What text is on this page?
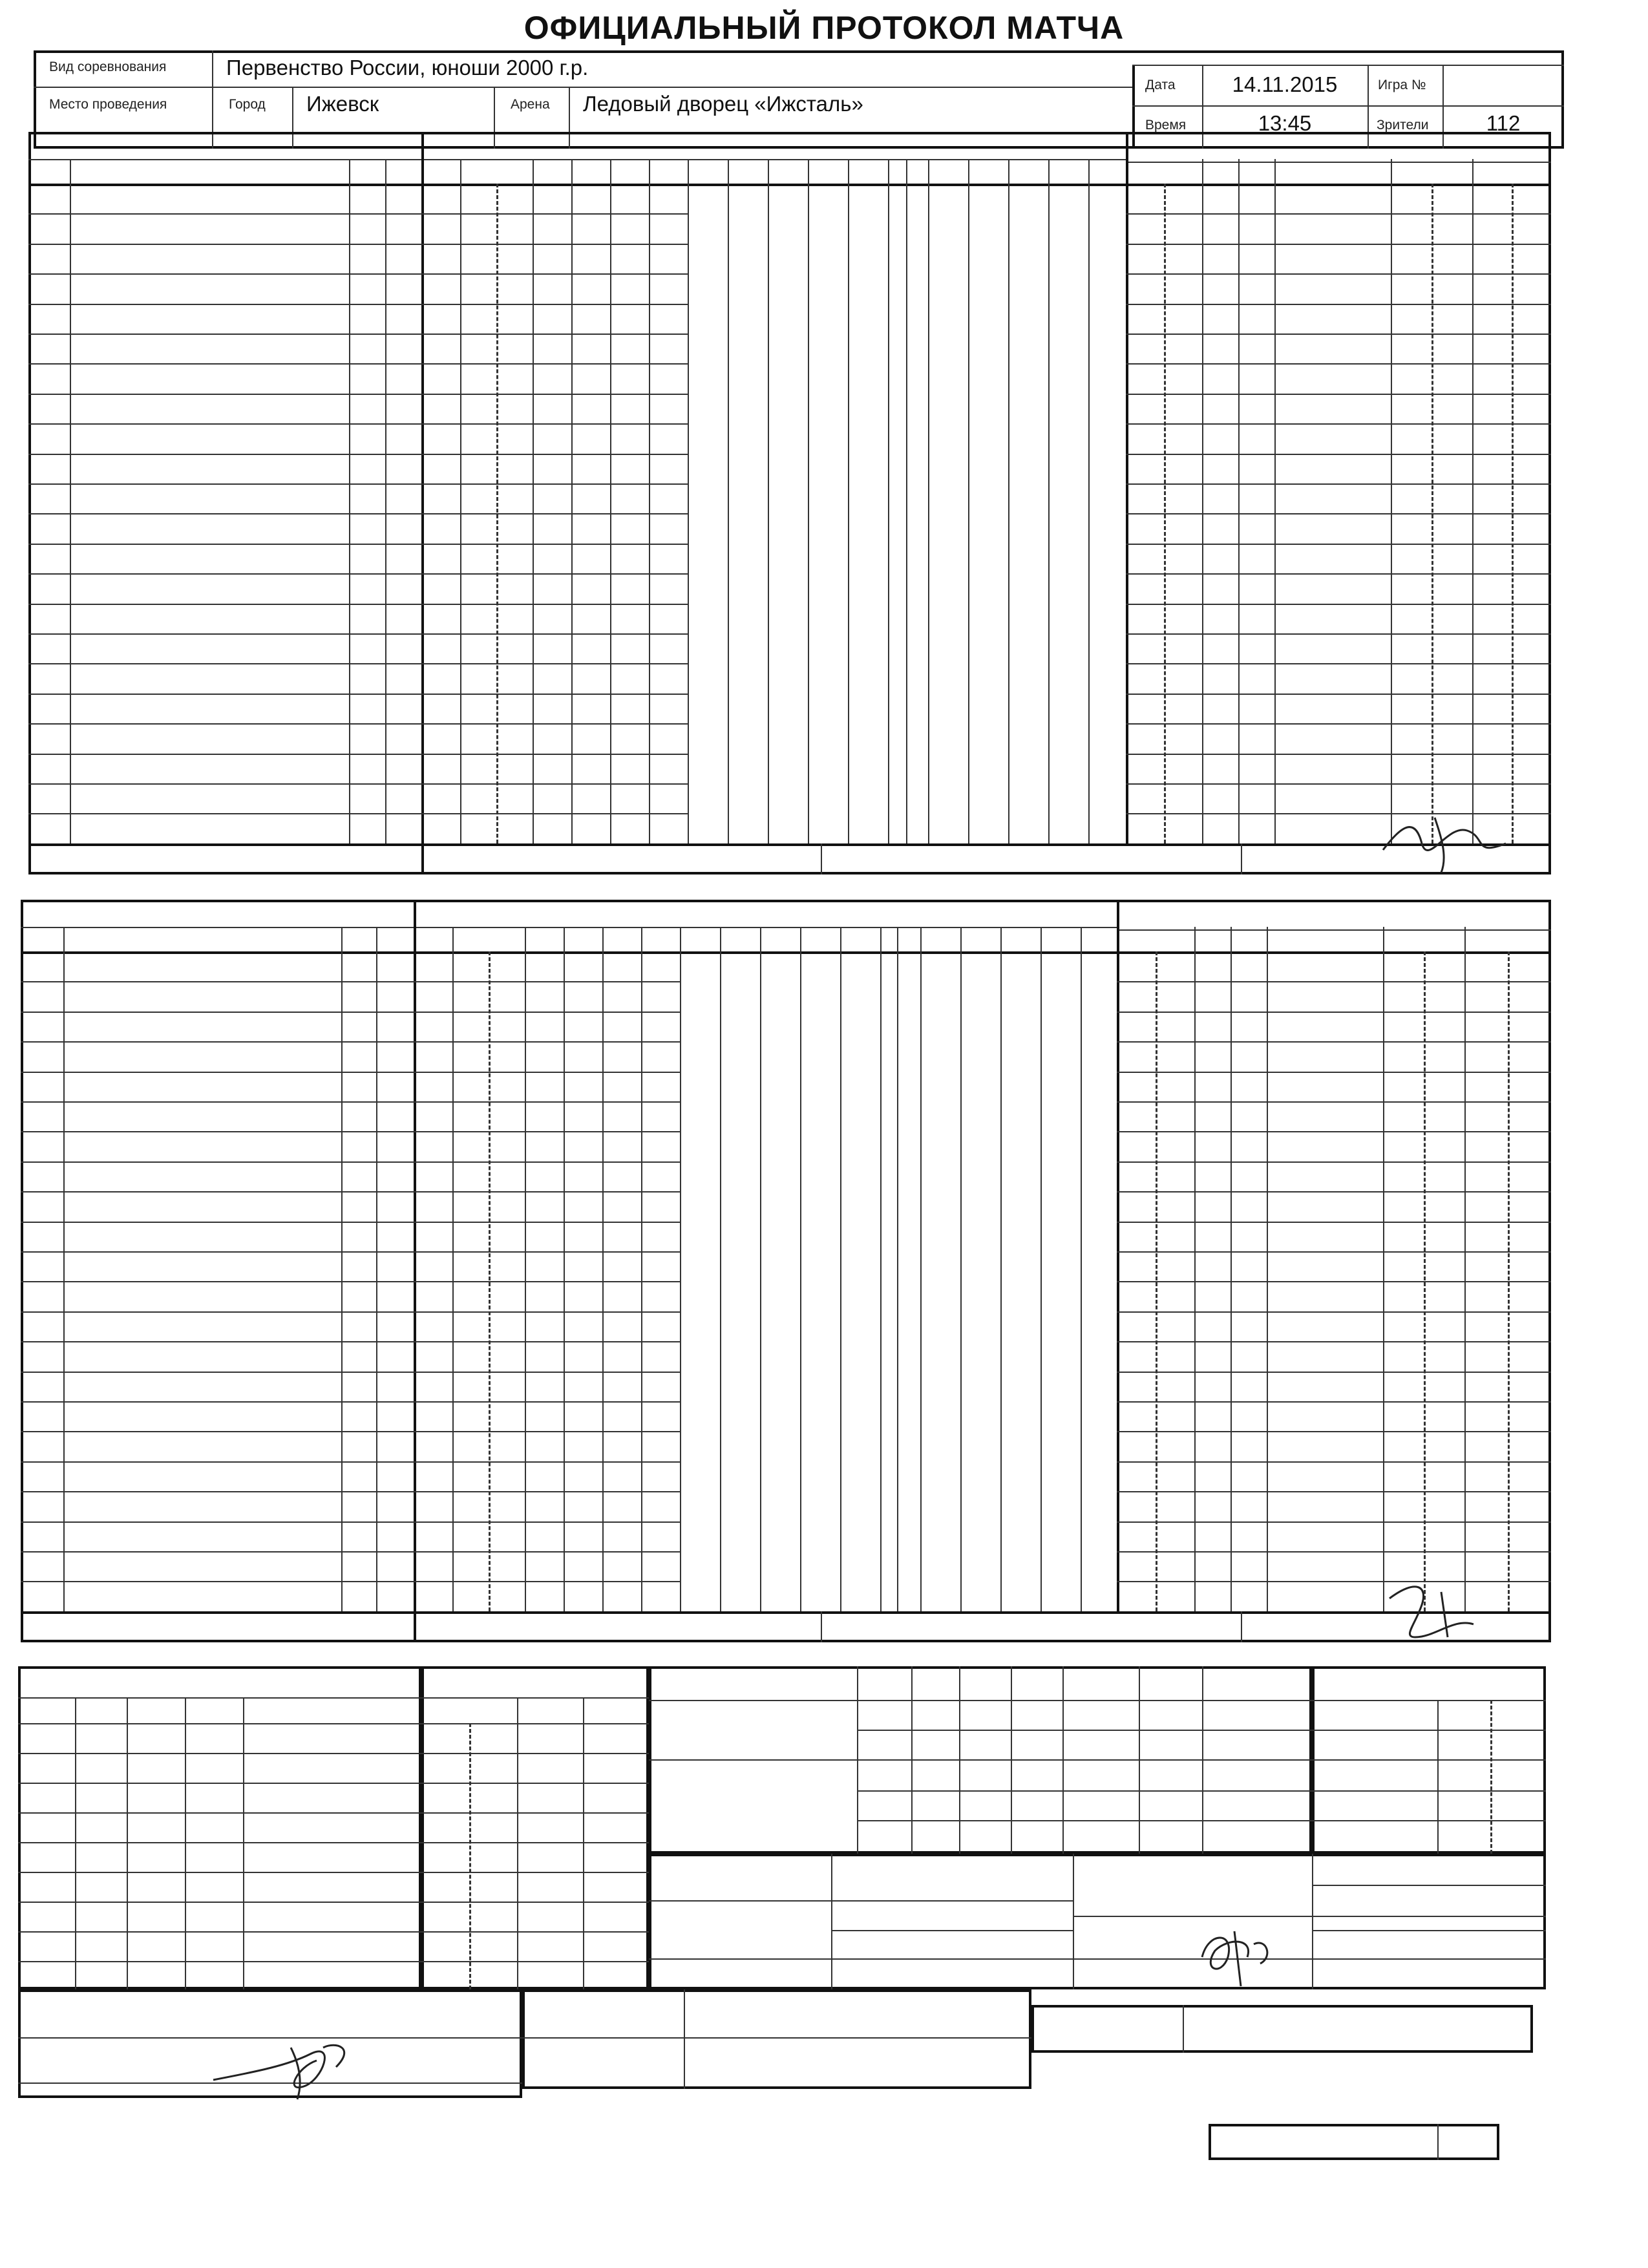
ОФИЦИАЛЬНЫЙ ПРОТОКОЛ МАТЧА
Вид соревнования	Первенство России, юноши 2000 г.р.
Место проведения	Город Ижевск	Арена Ледовый дворец «Ижсталь»
Дата	14.11.2015	Игра №
Время	13:45	Зрители	112
